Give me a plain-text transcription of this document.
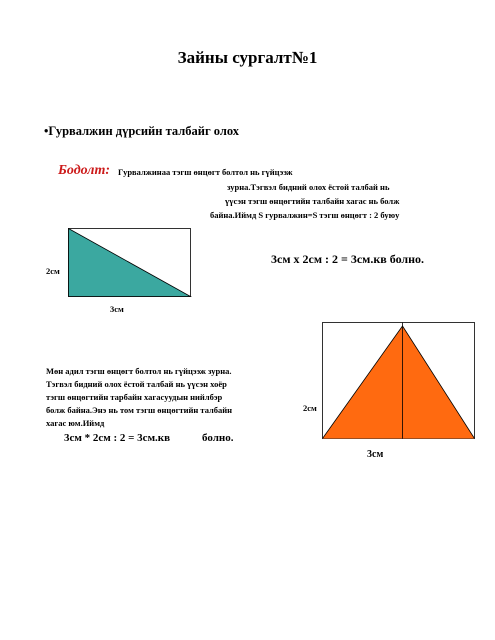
Зайны сургалт№1
•Гурвалжин дүрсийн талбайг олох
Бодолт: Гурвалжинаа тэгш өнцөгт болтол нь гүйцээж
зурна.Тэгвэл бидний олох ёстой талбай нь
үүсэн тэгш өнцөгтийн талбайн хагас нь болж
байна.Иймд S гурвалжин=S тэгш өнцөгт : 2 буюу
2см
3см
3см х 2см : 2 = 3см.кв болно.
Мөн адил тэгш өнцөгт болтол нь гүйцээж зурна.
Тэгвэл бидний олох ёстой талбай нь үүсэн хоёр
тэгш өнцөгтийн тарбайн хагасуудын нийлбэр
болж байна.Энэ нь том тэгш өнцөгтийн талбайн
хагас юм.Иймд
3см * 2см : 2 = 3см.кв	болно.
2см
3см
